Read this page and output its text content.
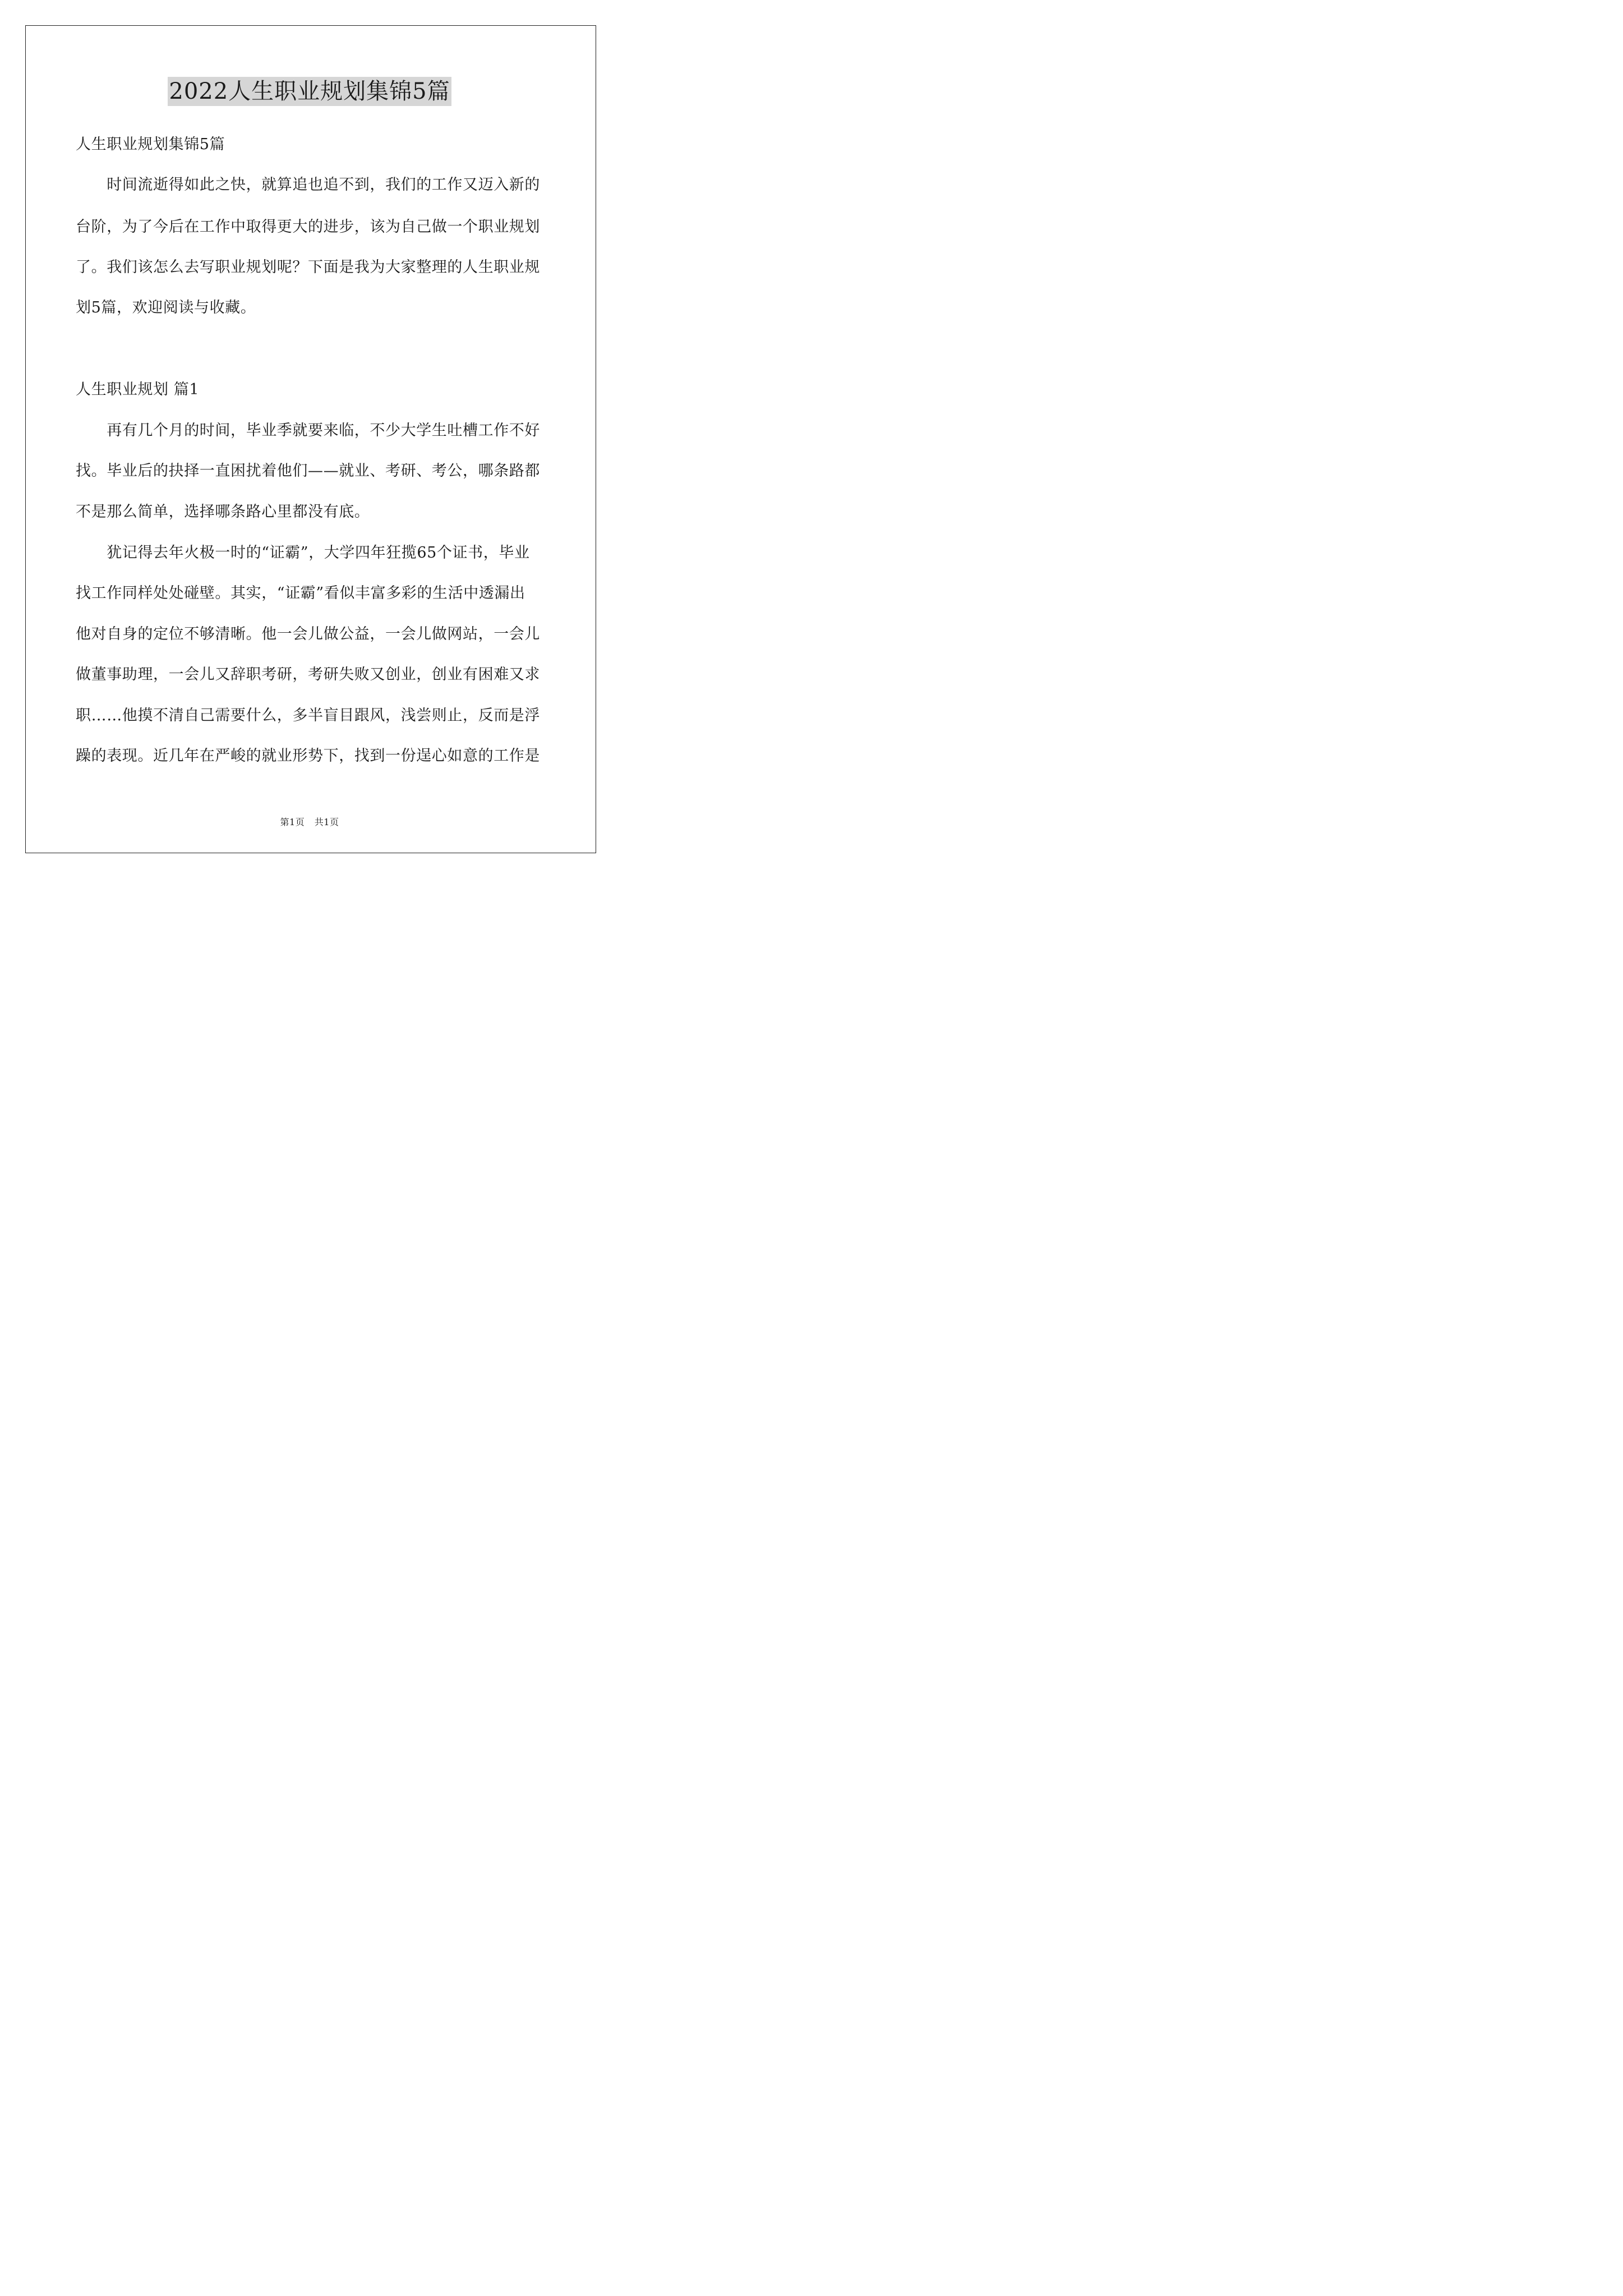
2022人生职业规划集锦5篇
人生职业规划集锦5篇
　　时间流逝得如此之快，就算追也追不到，我们的工作又迈入新的
台阶，为了今后在工作中取得更大的进步，该为自己做一个职业规划
了。我们该怎么去写职业规划呢？下面是我为大家整理的人生职业规
划5篇，欢迎阅读与收藏。
人生职业规划 篇1
　　再有几个月的时间，毕业季就要来临，不少大学生吐槽工作不好
找。毕业后的抉择一直困扰着他们——就业、考研、考公，哪条路都
不是那么简单，选择哪条路心里都没有底。
　　犹记得去年火极一时的“证霸”，大学四年狂揽65个证书，毕业
找工作同样处处碰壁。其实，“证霸”看似丰富多彩的生活中透漏出
他对自身的定位不够清晰。他一会儿做公益，一会儿做网站，一会儿
做董事助理，一会儿又辞职考研，考研失败又创业，创业有困难又求
职……他摸不清自己需要什么，多半盲目跟风，浅尝则止，反而是浮
躁的表现。近几年在严峻的就业形势下，找到一份逞心如意的工作是
第1页 共1页
